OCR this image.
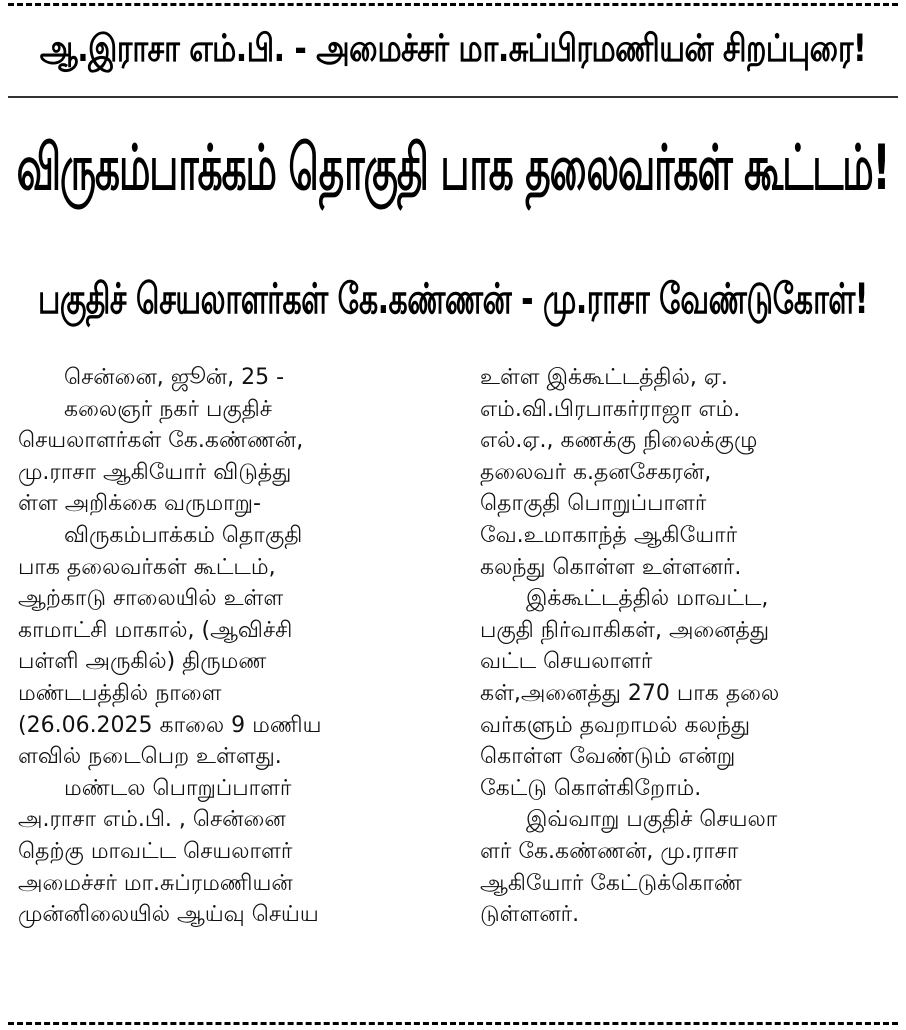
ஆ.இராசா எம்.பி. - அமைச்சர் மா.சுப்பிரமணியன் சிறப்புரை!
விருகம்பாக்கம் தொகுதி பாக தலைவர்கள் கூட்டம்!
பகுதிச் செயலாளர்கள் கே.கண்ணன் - மு.ராசா வேண்டுகோள்!
சென்னை, ஜூன், 25 -
கலைஞர் நகர் பகுதிச்
செயலாளர்கள் கே.கண்ணன்,
மு.ராசா ஆகியோர் விடுத்து
ள்ள அறிக்கை வருமாறு-
விருகம்பாக்கம் தொகுதி
பாக தலைவர்கள் கூட்டம்,
ஆற்காடு சாலையில் உள்ள
காமாட்சி மாகால், (ஆவிச்சி
பள்ளி அருகில்) திருமண
மண்டபத்தில் நாளை
(26.06.2025 காலை 9 மணிய
ளவில் நடைபெற உள்ளது.
மண்டல பொறுப்பாளர்
அ.ராசா எம்.பி. , சென்னை
தெற்கு மாவட்ட செயலாளர்
அமைச்சர் மா.சுப்ரமணியன்
முன்னிலையில் ஆய்வு செய்ய
உள்ள இக்கூட்டத்தில், ஏ.
எம்.வி.பிரபாகர்ராஜா எம்.
எல்.ஏ., கணக்கு நிலைக்குழு
தலைவர் க.தனசேகரன்,
தொகுதி பொறுப்பாளர்
வே.உமாகாந்த் ஆகியோர்
கலந்து கொள்ள உள்ளனர்.
இக்கூட்டத்தில் மாவட்ட,
பகுதி நிர்வாகிகள், அனைத்து
வட்ட செயலாளர்
கள்,அனைத்து 270 பாக தலை
வர்களும் தவறாமல் கலந்து
கொள்ள வேண்டும் என்று
கேட்டு கொள்கிறோம்.
இவ்வாறு பகுதிச் செயலா
ளர் கே.கண்ணன், மு.ராசா
ஆகியோர் கேட்டுக்கொண்
டுள்ளனர்.
